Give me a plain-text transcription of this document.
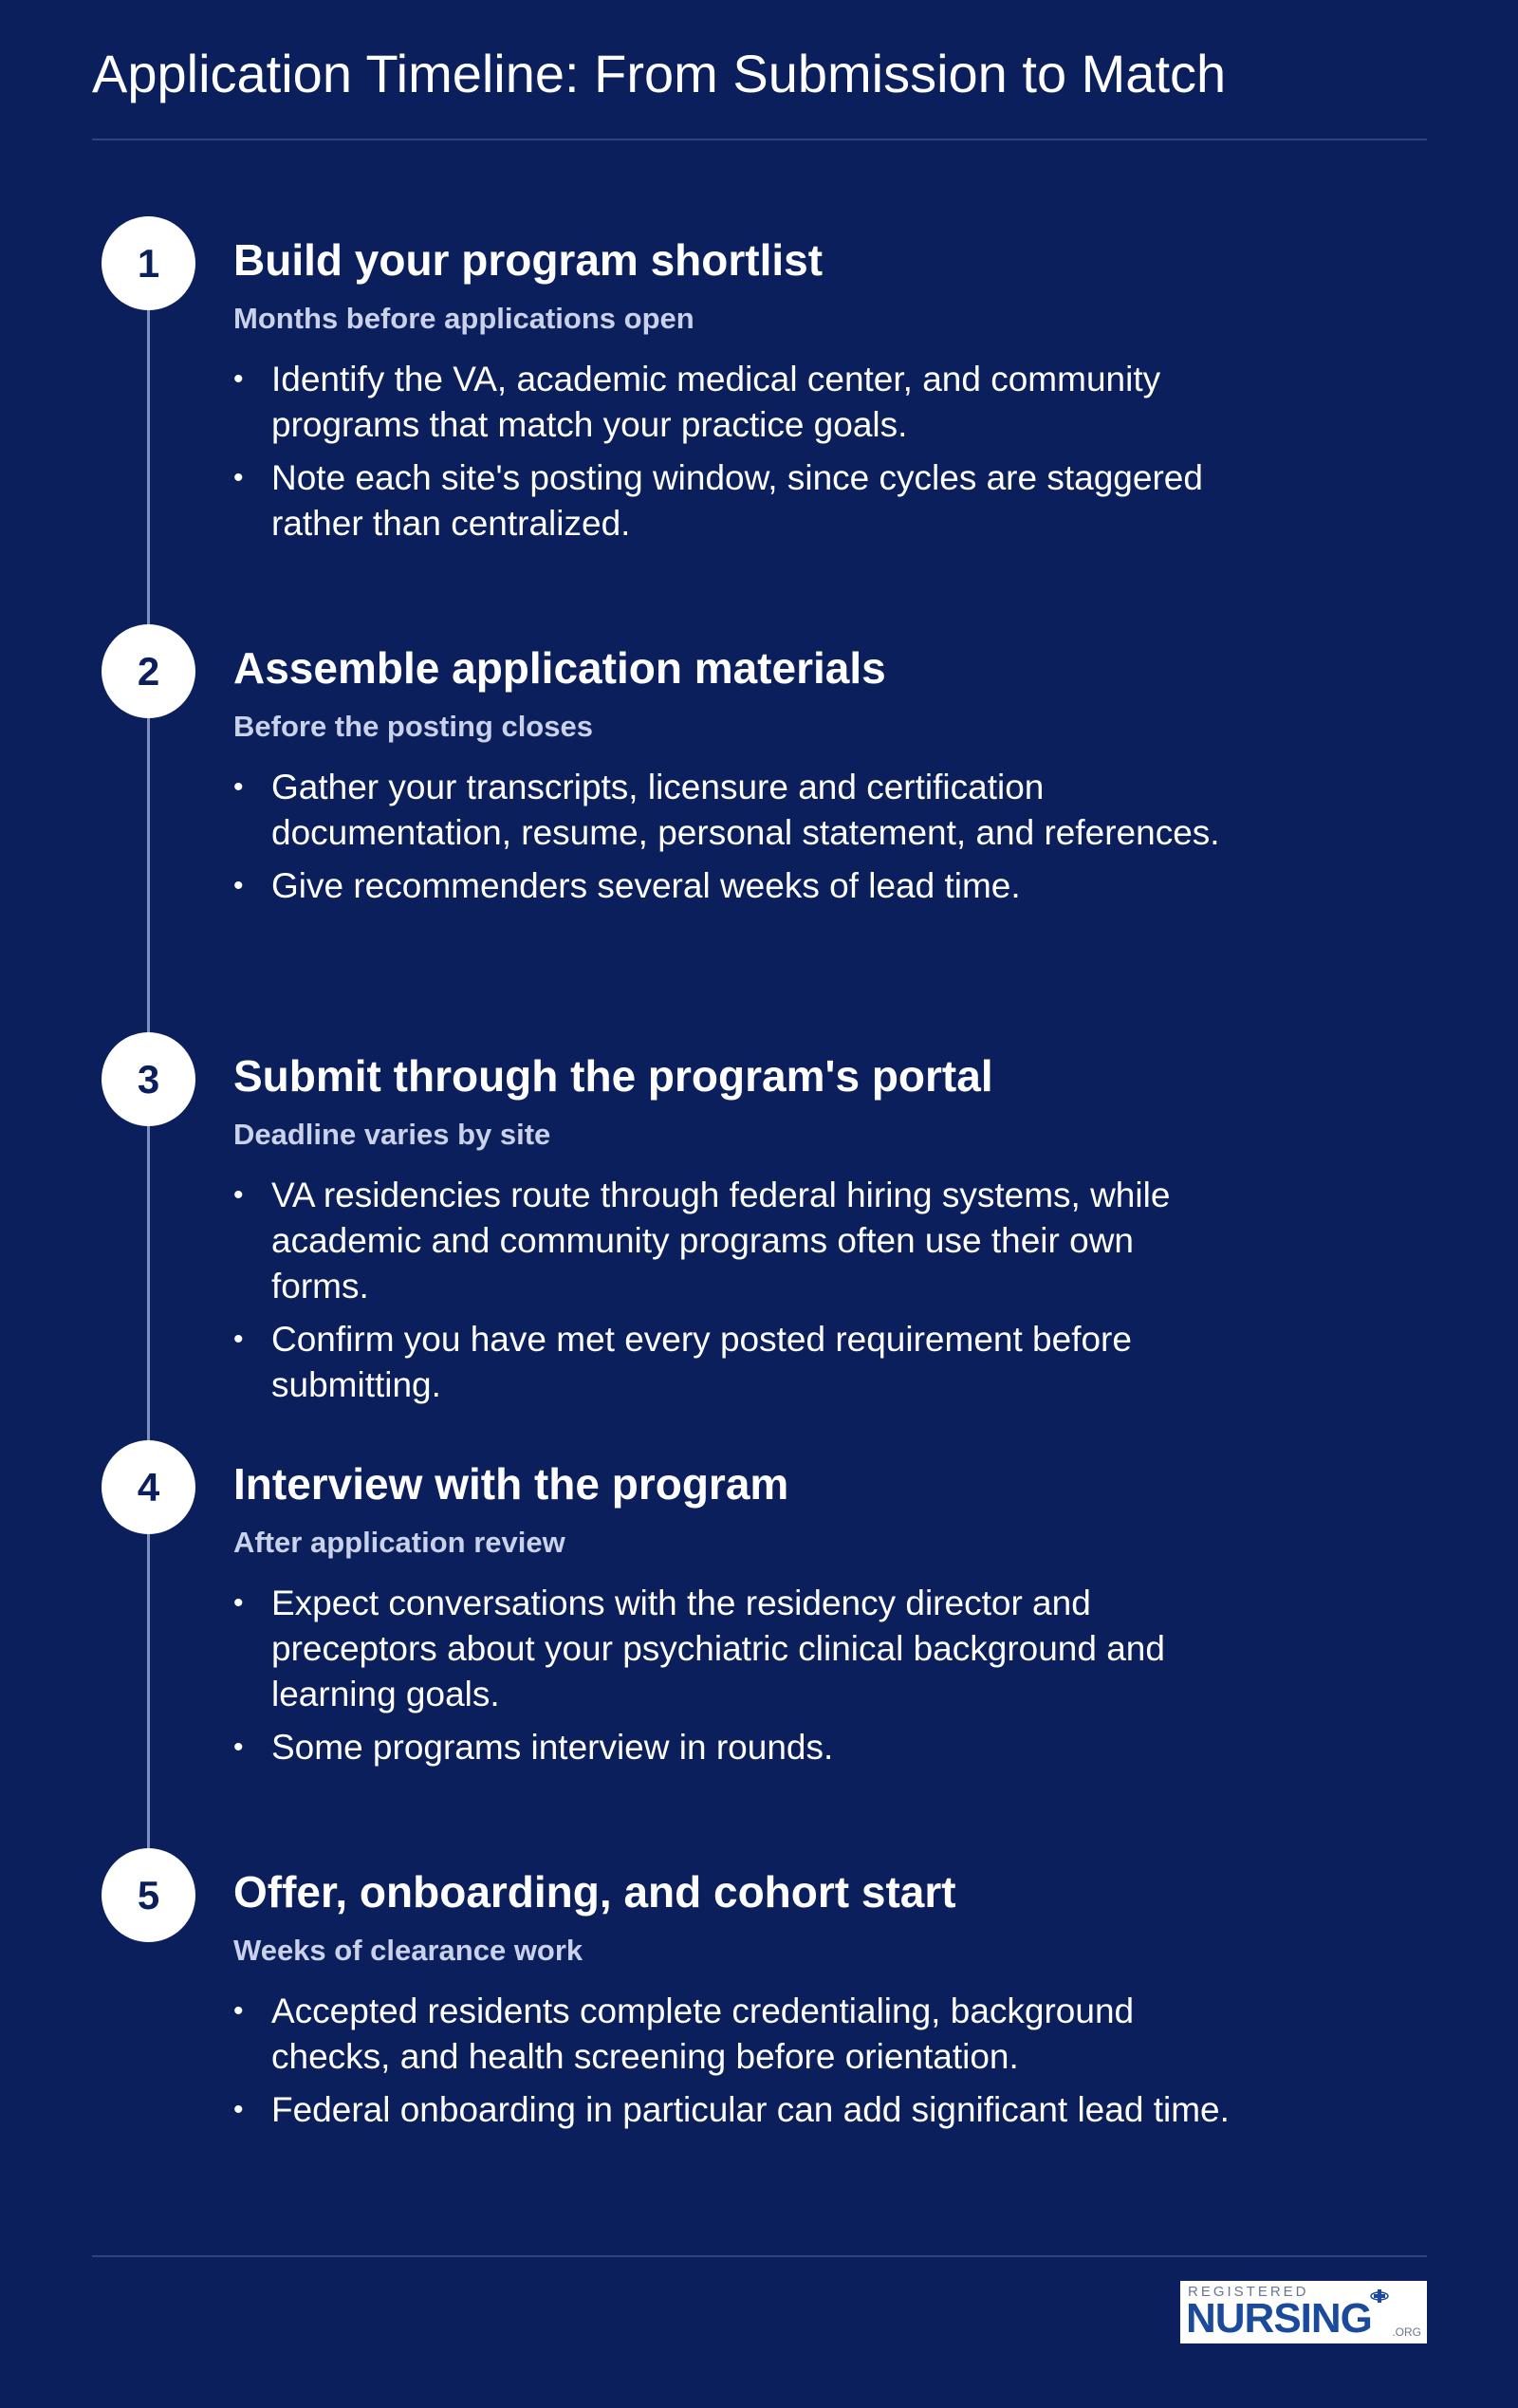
Application Timeline: From Submission to Match
1	Build your program shortlist
Months before applications open
• Identify the VA, academic medical center, and community programs that match your practice goals.
• Note each site's posting window, since cycles are staggered rather than centralized.
2	Assemble application materials
Before the posting closes
• Gather your transcripts, licensure and certification documentation, resume, personal statement, and references.
• Give recommenders several weeks of lead time.
3	Submit through the program's portal
Deadline varies by site
• VA residencies route through federal hiring systems, while academic and community programs often use their own forms.
• Confirm you have met every posted requirement before submitting.
4	Interview with the program
After application review
• Expect conversations with the residency director and preceptors about your psychiatric clinical background and learning goals.
• Some programs interview in rounds.
5	Offer, onboarding, and cohort start
Weeks of clearance work
• Accepted residents complete credentialing, background checks, and health screening before orientation.
• Federal onboarding in particular can add significant lead time.
REGISTERED
NURSING .ORG
